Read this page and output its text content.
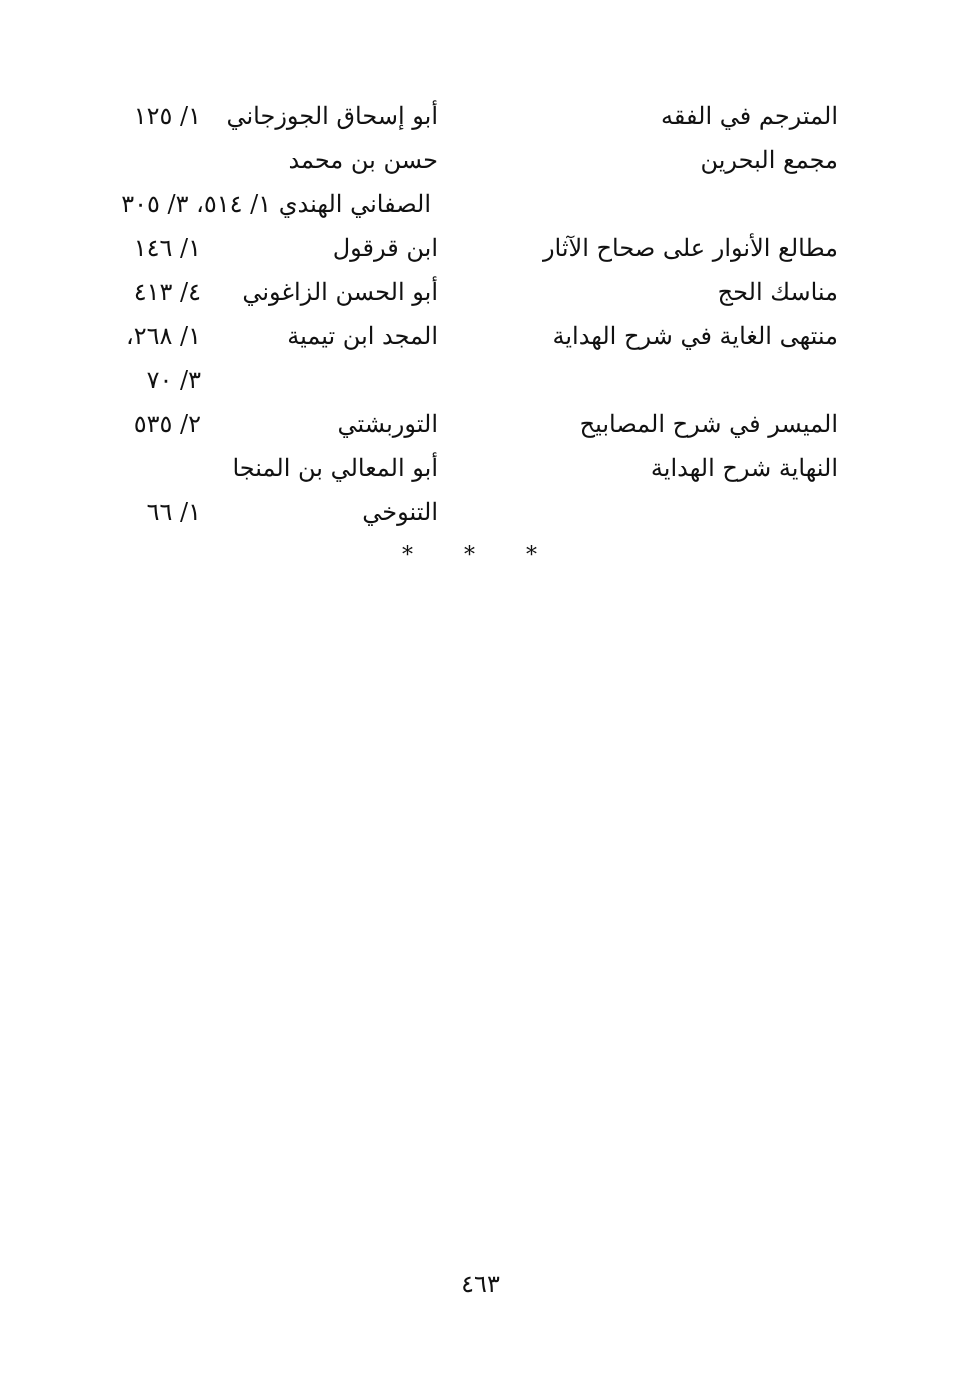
المترجم في الفقه
أبو إسحاق الجوزجاني
١/ ١٢٥
مجمع البحرين
حسن بن محمد
الصفاني الهندي ١/ ٥١٤، ٣/ ٣٠٥
مطالع الأنوار على صحاح الآثار
ابن قرقول
١/ ١٤٦
مناسك الحج
أبو الحسن الزاغوني
٤/ ٤١٣
منتهى الغاية في شرح الهداية
المجد ابن تيمية
١/ ٢٦٨،
٣/ ٧٠
الميسر في شرح المصابيح
التوربشتي
٢/ ٥٣٥
النهاية شرح الهداية
أبو المعالي بن المنجا
التنوخي
١/ ٦٦
* * *
٤٦٣
